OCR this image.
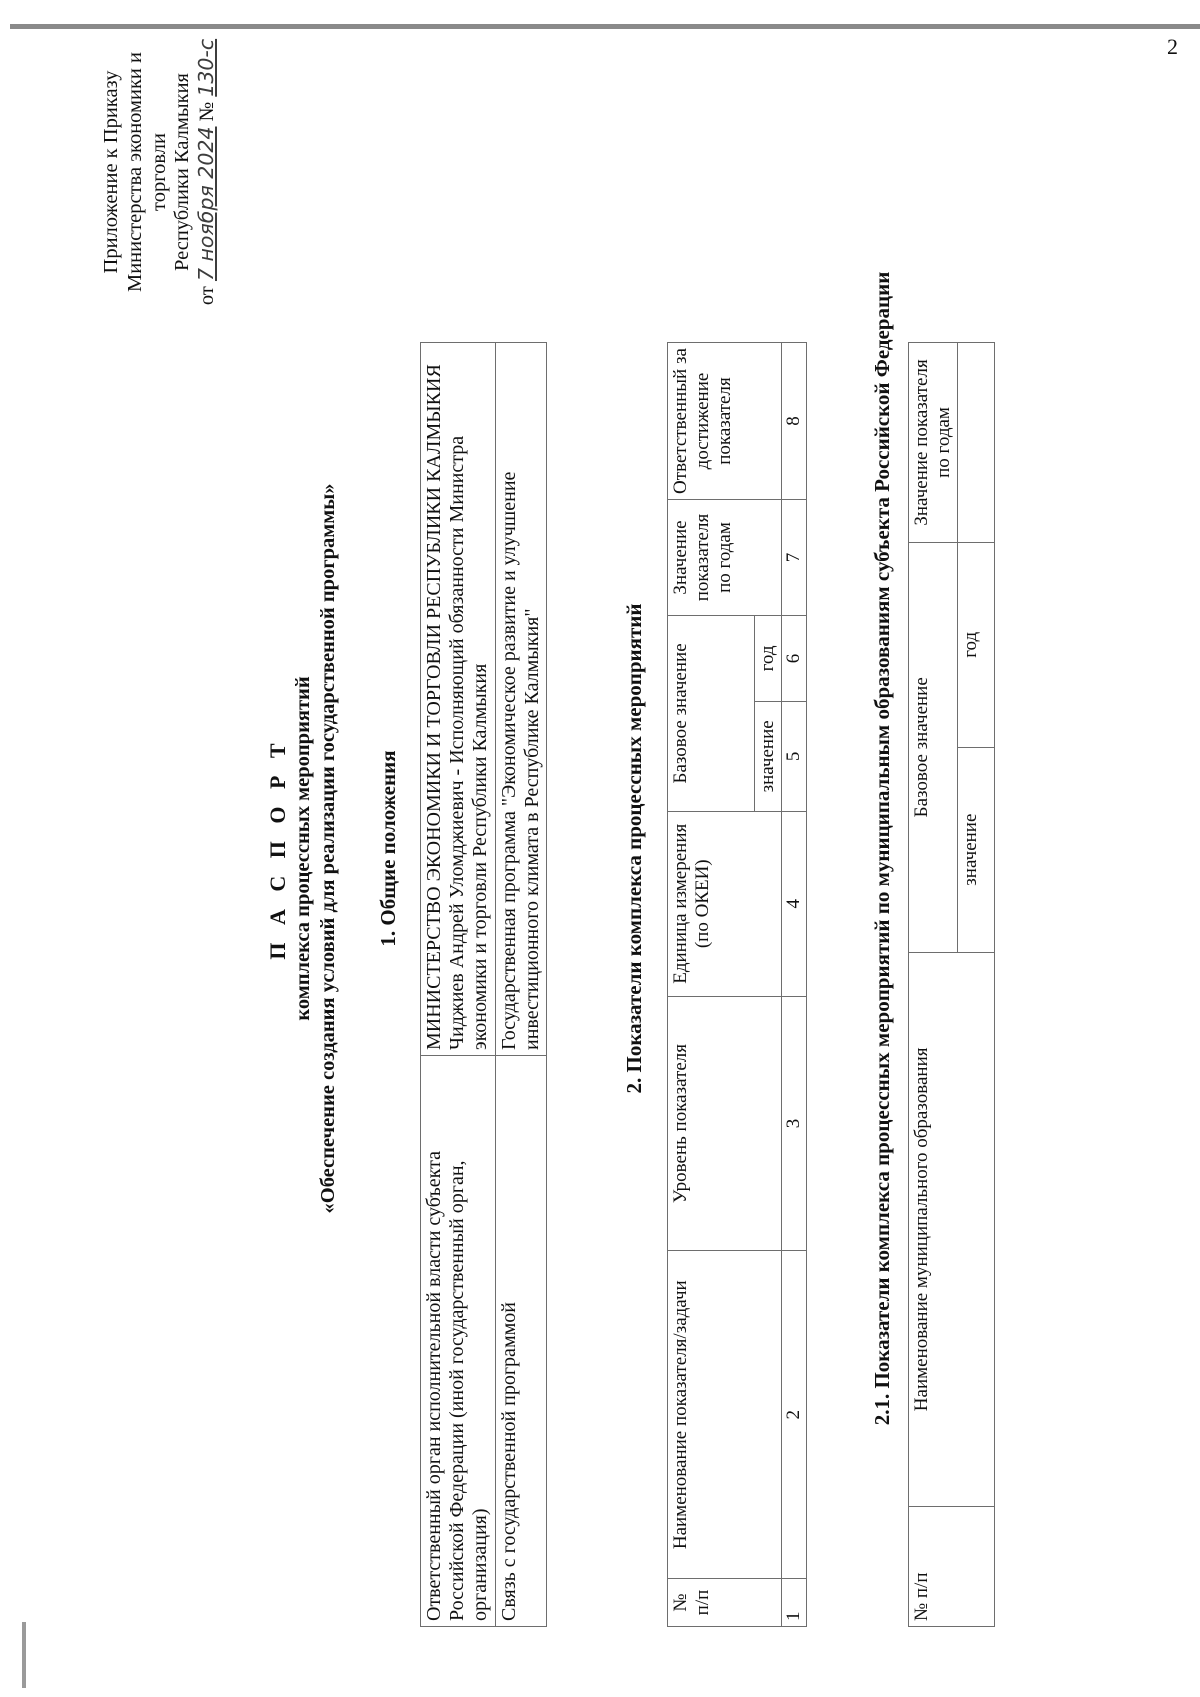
2
Приложение к Приказу Министерства экономики и торговли Республики Калмыкия
от 7 ноября 2024 № 130-с
П А С П О Р Т комплекса процессных мероприятий «Обеспечение создания условий для реализации государственной программы» 1. Общие положения
Ответственный орган исполнительной власти субъекта Российской Федерации (иной государственный орган, организация)	МИНИСТЕРСТВО ЭКОНОМИКИ И ТОРГОВЛИ РЕСПУБЛИКИ КАЛМЫКИЯ Чиджиев Андрей Уломджиевич - Исполняющий обязанности Министра экономики и торговли Республики Калмыкия

Связь с государственной программой	Государственная программа "Экономическое развитие и улучшение инвестиционного климата в Республике Калмыкия"	2. Показатели комплекса процессных мероприятий
№ п/п	Наименование показателя/задачи	Уровень показателя	Единица измерения (по ОКЕИ)	Базовое значение		Значение показателя по годам	Ответственный за достижение показателя
				значение	год		
1	2	3	4	5	6	7	8	2.1. Показатели комплекса процессных мероприятий по муниципальным образованиям субъекта Российской Федерации
№ п/п	Наименование муниципального образования	Базовое значение		Значение показателя по годам
		значение	год	
